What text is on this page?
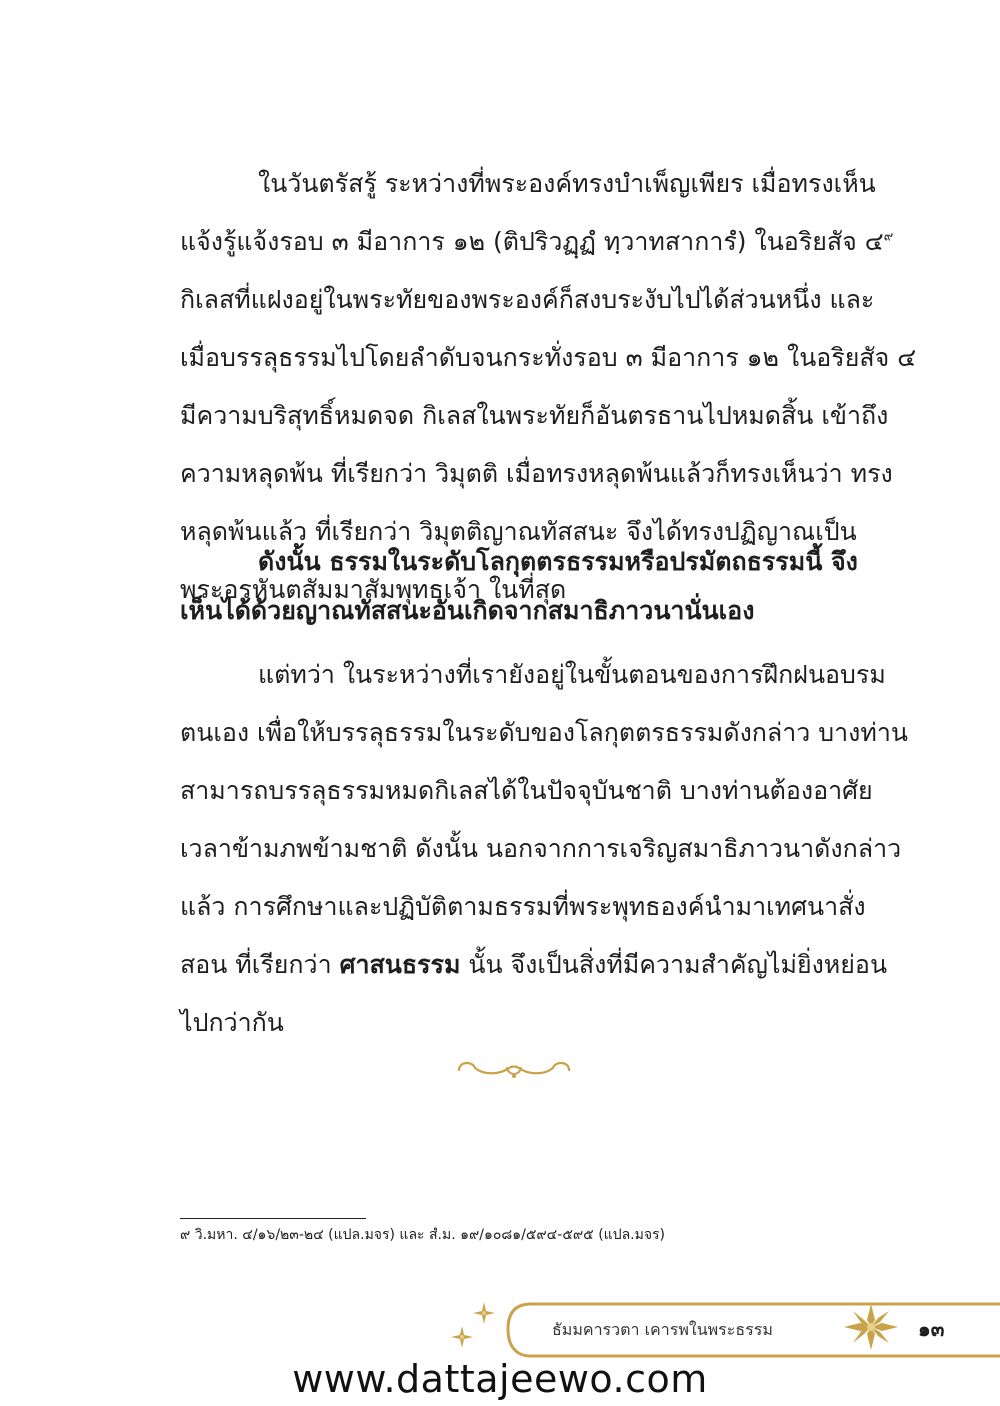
ในวันตรัสรู้ ระหว่างที่พระองค์ทรงบำเพ็ญเพียร เมื่อทรงเห็น
แจ้งรู้แจ้งรอบ ๓ มีอาการ ๑๒ (ติปริวฏฺฏํ ทฺวาทสาการํ) ในอริยสัจ ๔$^๙$
กิเลสที่แฝงอยู่ในพระทัยของพระองค์ก็สงบระงับไปได้ส่วนหนึ่ง และ
เมื่อบรรลุธรรมไปโดยลำดับจนกระทั่งรอบ ๓ มีอาการ ๑๒ ในอริยสัจ ๔
มีความบริสุทธิ์หมดจด กิเลสในพระทัยก็อันตรธานไปหมดสิ้น เข้าถึง
ความหลุดพ้น ที่เรียกว่า วิมุตติ เมื่อทรงหลุดพ้นแล้วก็ทรงเห็นว่า ทรง
หลุดพ้นแล้ว ที่เรียกว่า วิมุตติญาณทัสสนะ จึงได้ทรงปฏิญาณเป็น
พระอรหันตสัมมาสัมพุทธเจ้า ในที่สุด
ดังนั้น ธรรมในระดับโลกุตตรธรรมหรือปรมัตถธรรมนี้ จึง
เห็นได้ด้วยญาณทัสสนะอันเกิดจากสมาธิภาวนานั่นเอง
แต่ทว่า ในระหว่างที่เรายังอยู่ในขั้นตอนของการฝึกฝนอบรม
ตนเอง เพื่อให้บรรลุธรรมในระดับของโลกุตตรธรรมดังกล่าว บางท่าน
สามารถบรรลุธรรมหมดกิเลสได้ในปัจจุบันชาติ บางท่านต้องอาศัย
เวลาข้ามภพข้ามชาติ ดังนั้น นอกจากการเจริญสมาธิภาวนาดังกล่าว
แล้ว การศึกษาและปฏิบัติตามธรรมที่พระพุทธองค์นำมาเทศนาสั่ง
สอน ที่เรียกว่า ศาสนธรรม นั้น จึงเป็นสิ่งที่มีความสำคัญไม่ยิ่งหย่อน
ไปกว่ากัน
๙ วิ.มหา. ๔/๑๖/๒๓-๒๔ (แปล.มจร) และ สํ.ม. ๑๙/๑๐๘๑/๕๙๔-๕๙๕ (แปล.มจร)
ธัมมคารวตา เคารพในพระธรรม	๑๓
www.dattajeewo.com
